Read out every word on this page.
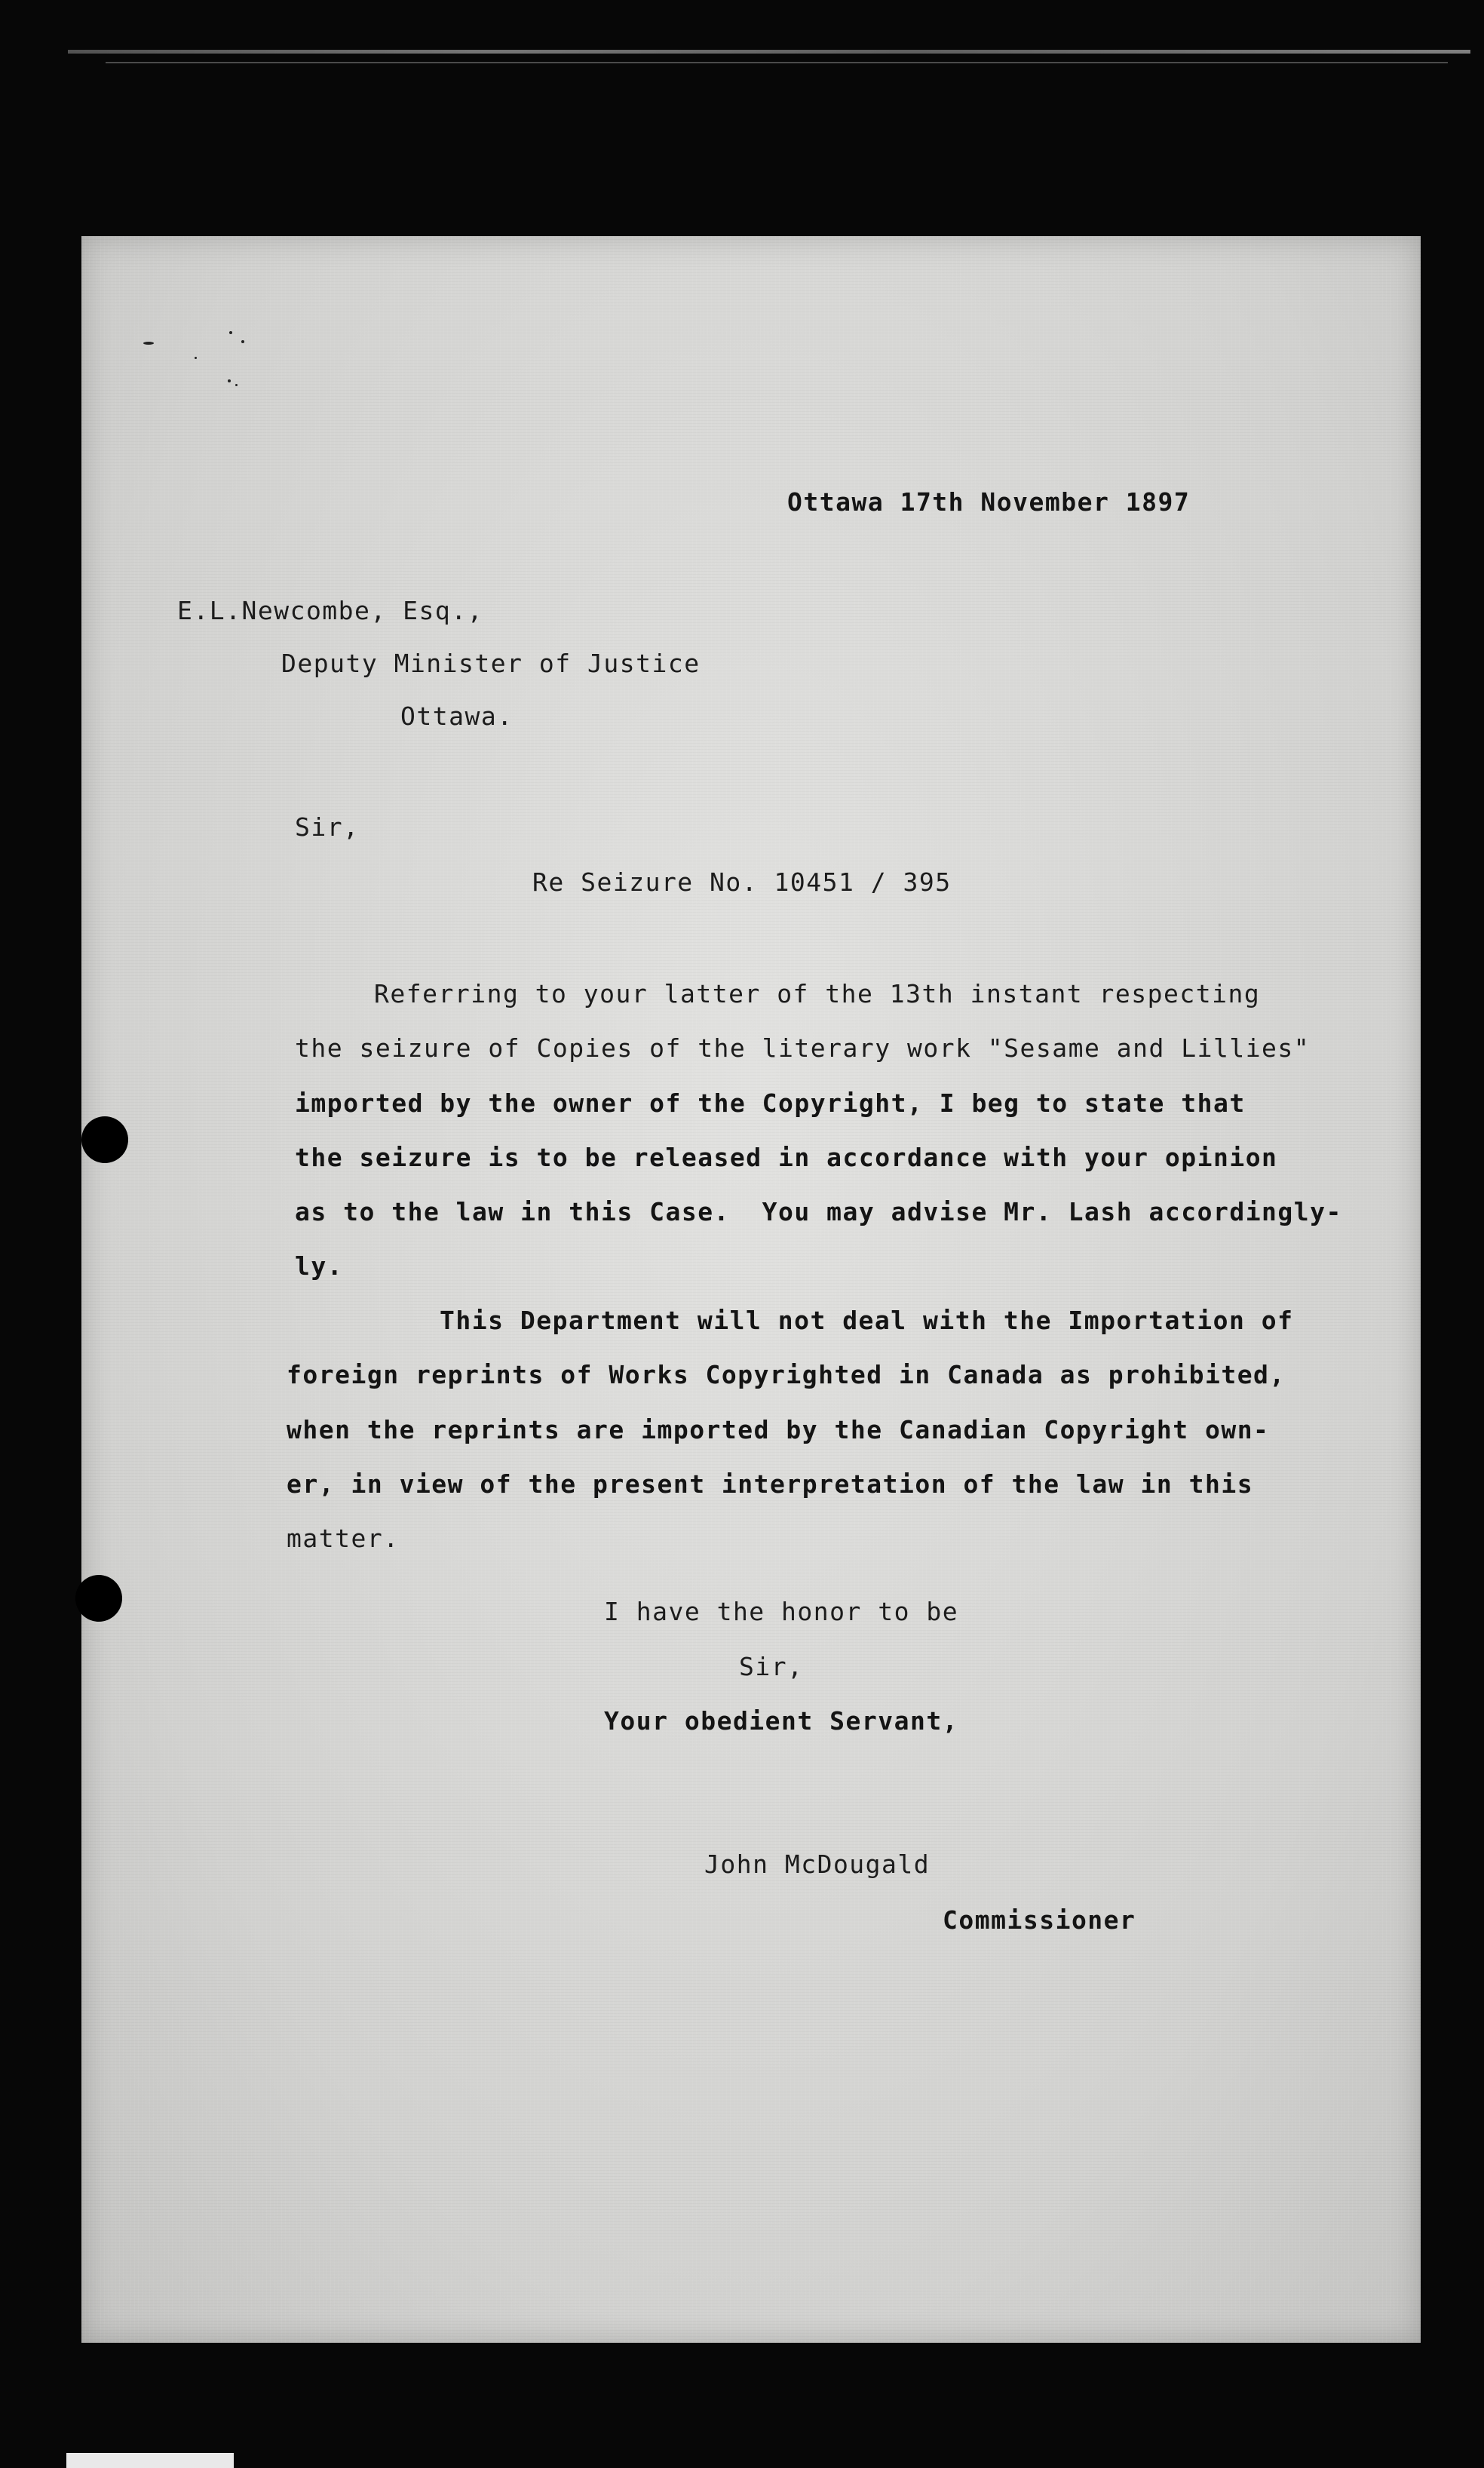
Ottawa 17th November 1897
E.L.Newcombe, Esq.,
Deputy Minister of Justice
Ottawa.
Sir,
Re Seizure No. 10451 / 395
Referring to your latter of the 13th instant respecting
the seizure of Copies of the literary work "Sesame and Lillies"
imported by the owner of the Copyright, I beg to state that
the seizure is to be released in accordance with your opinion
as to the law in this Case.  You may advise Mr. Lash accordingly-
ly.
This Department will not deal with the Importation of
foreign reprints of Works Copyrighted in Canada as prohibited,
when the reprints are imported by the Canadian Copyright own-
er, in view of the present interpretation of the law in this
matter.
I have the honor to be
Sir,
Your obedient Servant,
John McDougald
Commissioner
